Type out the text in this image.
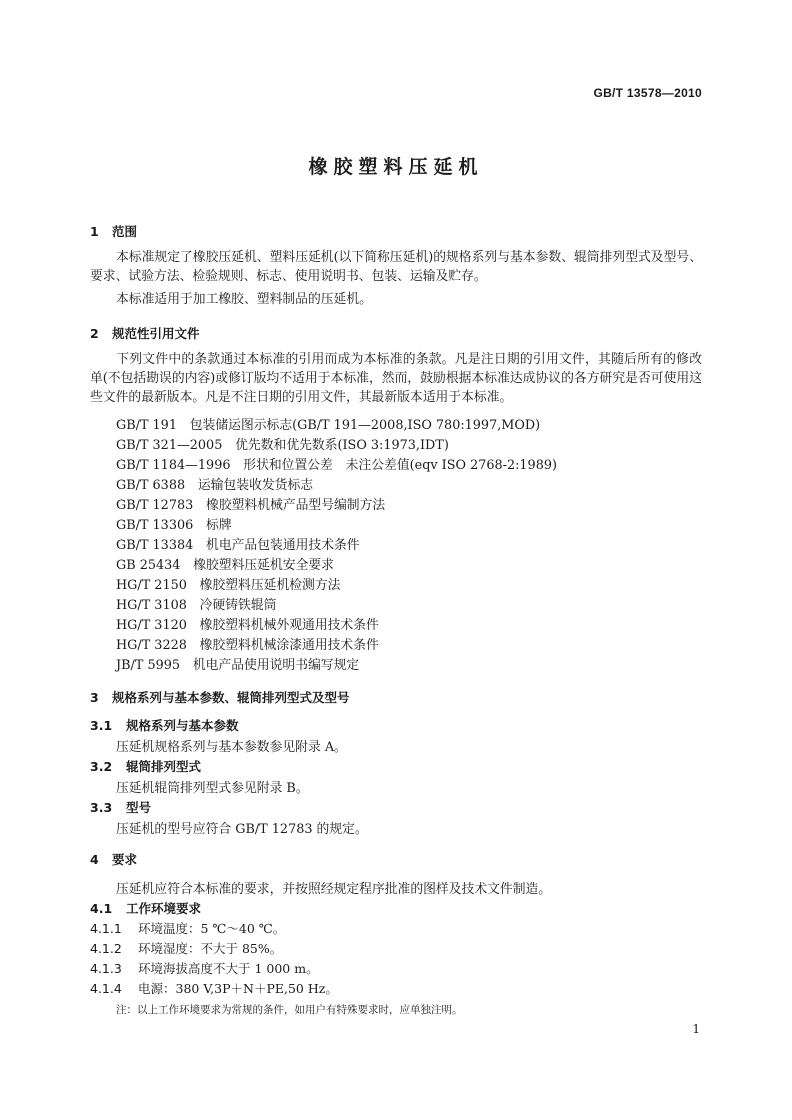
GB/T 13578—2010
橡胶塑料压延机
1 范围
本标准规定了橡胶压延机、塑料压延机(以下简称压延机)的规格系列与基本参数、辊筒排列型式及型号、要求、试验方法、检验规则、标志、使用说明书、包装、运输及贮存。
本标准适用于加工橡胶、塑料制品的压延机。
2 规范性引用文件
下列文件中的条款通过本标准的引用而成为本标准的条款。凡是注日期的引用文件，其随后所有的修改单(不包括勘误的内容)或修订版均不适用于本标准，然而，鼓励根据本标准达成协议的各方研究是否可使用这些文件的最新版本。凡是不注日期的引用文件，其最新版本适用于本标准。
GB/T 191　包装储运图示标志(GB/T 191—2008,ISO 780:1997,MOD)
GB/T 321—2005　优先数和优先数系(ISO 3:1973,IDT)
GB/T 1184—1996　形状和位置公差　未注公差值(eqv ISO 2768-2:1989)
GB/T 6388　运输包装收发货标志
GB/T 12783　橡胶塑料机械产品型号编制方法
GB/T 13306　标牌
GB/T 13384　机电产品包装通用技术条件
GB 25434　橡胶塑料压延机安全要求
HG/T 2150　橡胶塑料压延机检测方法
HG/T 3108　冷硬铸铁辊筒
HG/T 3120　橡胶塑料机械外观通用技术条件
HG/T 3228　橡胶塑料机械涂漆通用技术条件
JB/T 5995　机电产品使用说明书编写规定
3 规格系列与基本参数、辊筒排列型式及型号
3.1 规格系列与基本参数
压延机规格系列与基本参数参见附录 A。
3.2 辊筒排列型式
压延机辊筒排列型式参见附录 B。
3.3 型号
压延机的型号应符合 GB/T 12783 的规定。
4 要求
压延机应符合本标准的要求，并按照经规定程序批准的图样及技术文件制造。
4.1 工作环境要求
4.1.1 环境温度：5 ℃～40 ℃。
4.1.2 环境湿度：不大于 85%。
4.1.3 环境海拔高度不大于 1 000 m。
4.1.4 电源：380 V,3P＋N＋PE,50 Hz。
注：以上工作环境要求为常规的条件，如用户有特殊要求时，应单独注明。
1
